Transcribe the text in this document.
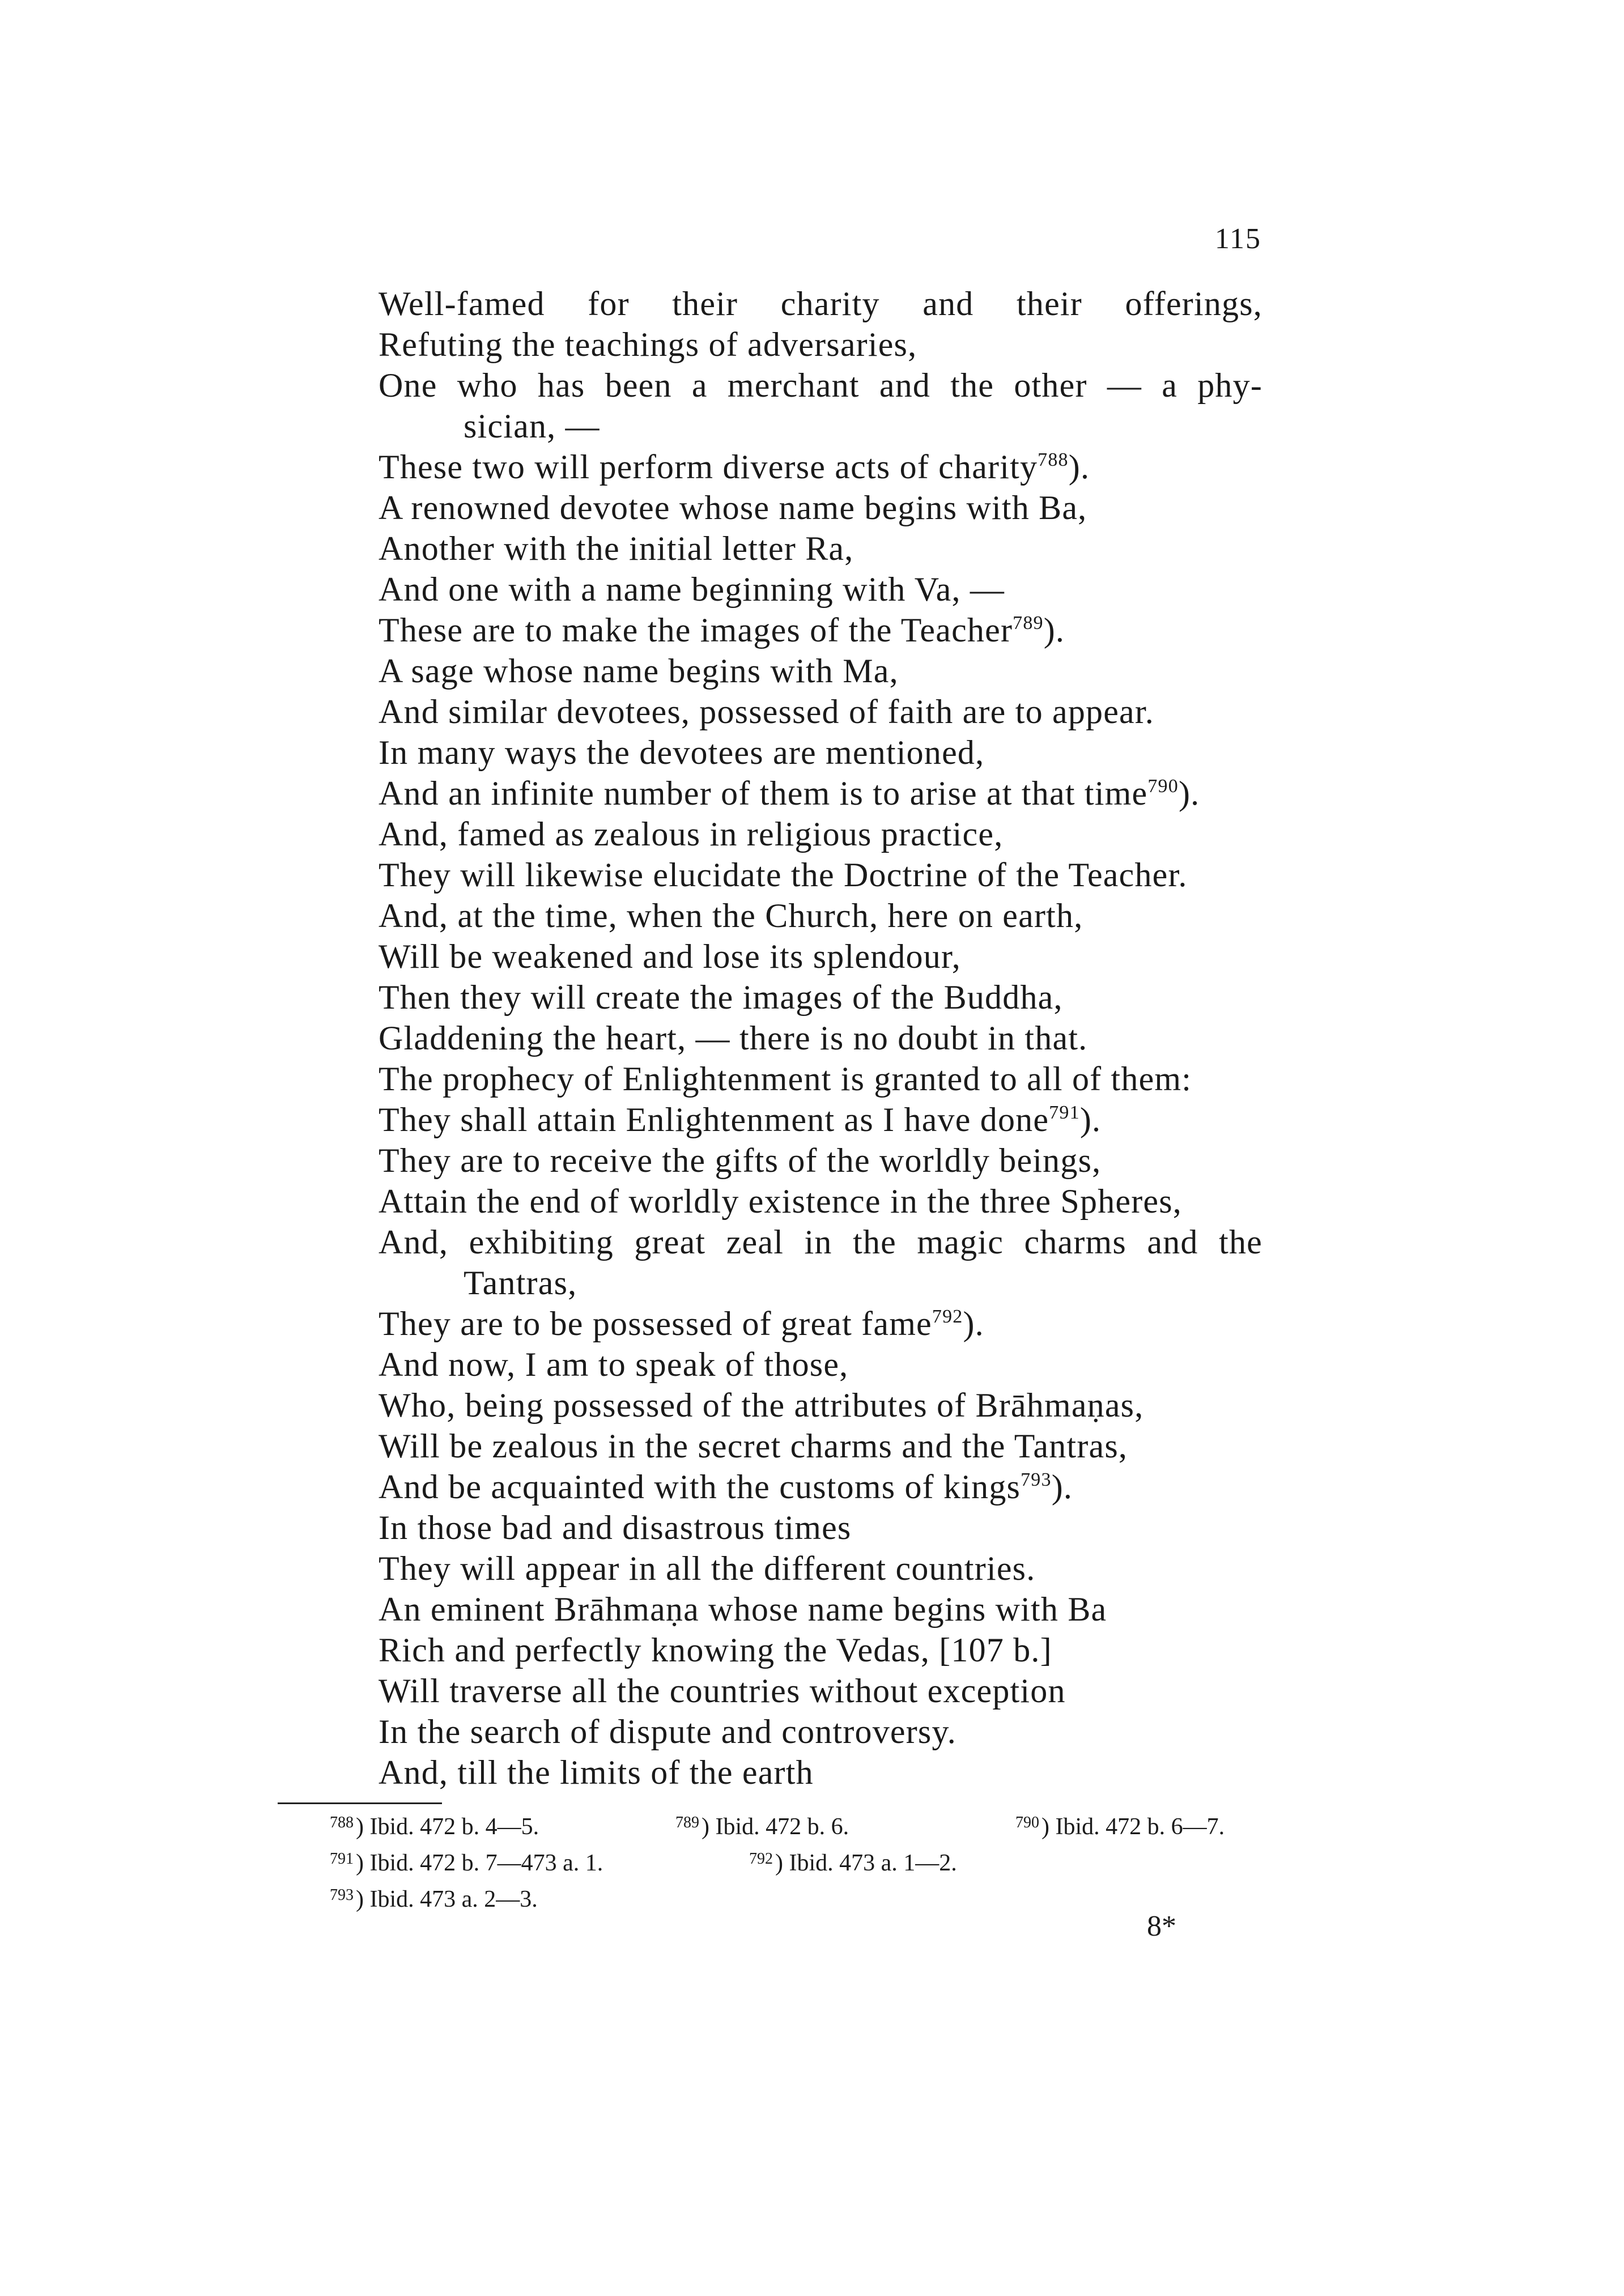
115
Well-famed for their charity and their offerings,
Refuting the teachings of adversaries,
One who has been a merchant and the other — a phy-
sician, —
These two will perform diverse acts of charity$^{788}$).
A renowned devotee whose name begins with Ba,
Another with the initial letter Ra,
And one with a name beginning with Va, —
These are to make the images of the Teacher$^{789}$).
A sage whose name begins with Ma,
And similar devotees, possessed of faith are to appear.
In many ways the devotees are mentioned,
And an infinite number of them is to arise at that time$^{790}$).
And, famed as zealous in religious practice,
They will likewise elucidate the Doctrine of the Teacher.
And, at the time, when the Church, here on earth,
Will be weakened and lose its splendour,
Then they will create the images of the Buddha,
Gladdening the heart, — there is no doubt in that.
The prophecy of Enlightenment is granted to all of them:
They shall attain Enlightenment as I have done$^{791}$).
They are to receive the gifts of the worldly beings,
Attain the end of worldly existence in the three Spheres,
And, exhibiting great zeal in the magic charms and the
Tantras,
They are to be possessed of great fame$^{792}$).
And now, I am to speak of those,
Who, being possessed of the attributes of Brāhmaṇas,
Will be zealous in the secret charms and the Tantras,
And be acquainted with the customs of kings$^{793}$).
In those bad and disastrous times
They will appear in all the different countries.
An eminent Brāhmaṇa whose name begins with Ba
Rich and perfectly knowing the Vedas, [107 b.]
Will traverse all the countries without exception
In the search of dispute and controversy.
And, till the limits of the earth
$^{788}$) Ibid. 472 b. 4—5.	$^{789}$) Ibid. 472 b. 6.	$^{790}$) Ibid. 472 b. 6—7.
$^{791}$) Ibid. 472 b. 7—473 a. 1.	$^{792}$) Ibid. 473 a. 1—2.
$^{793}$) Ibid. 473 a. 2—3.
8*
